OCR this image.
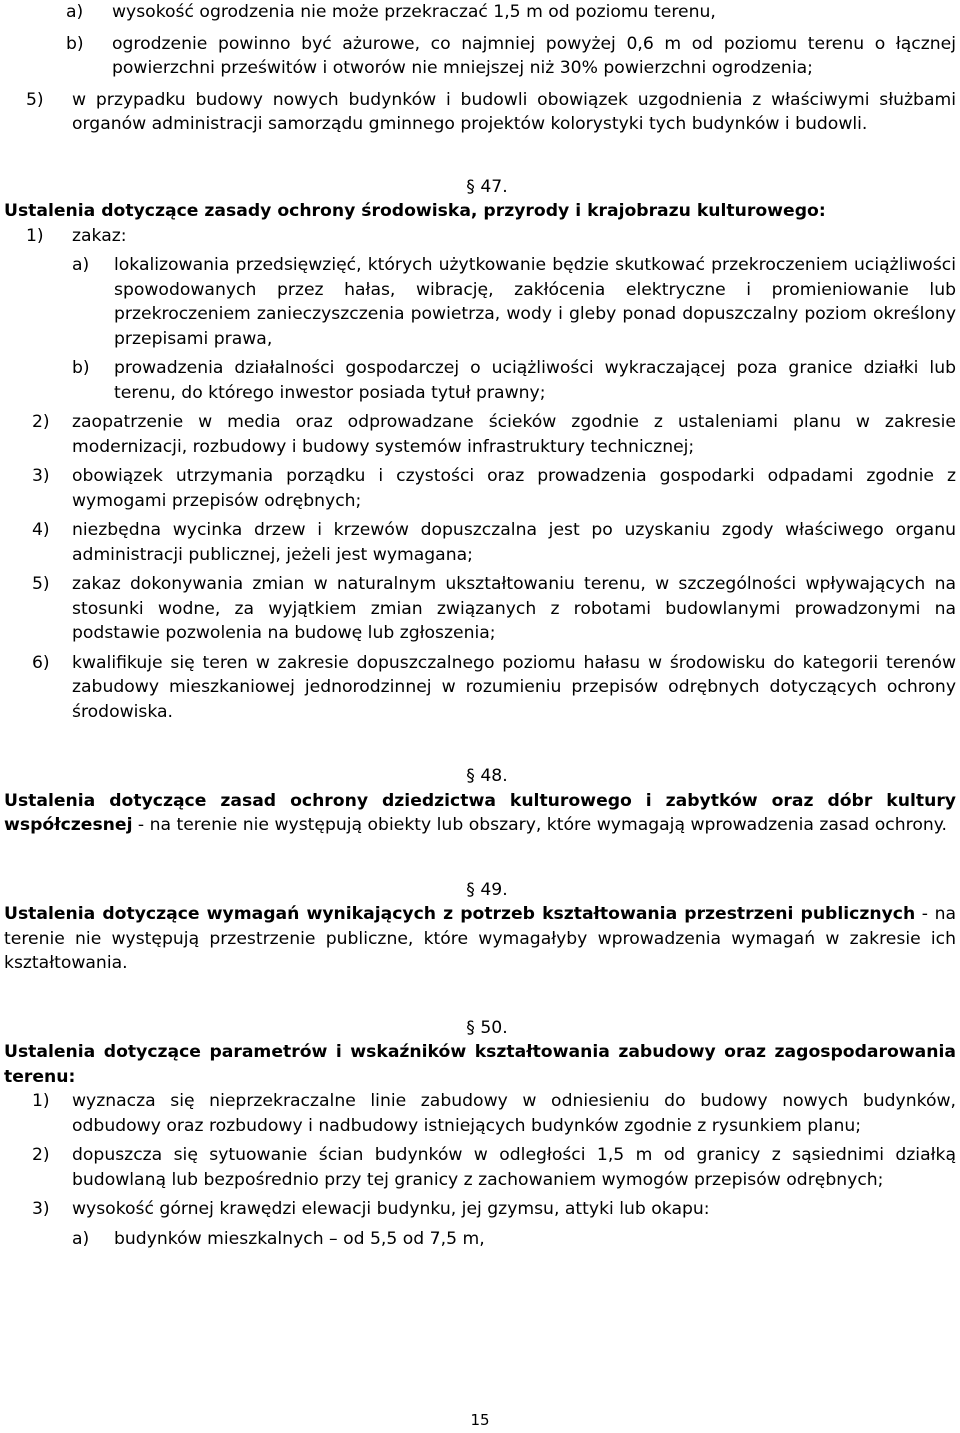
a)	wysokość ogrodzenia nie może przekraczać 1,5 m od poziomu terenu,
b)	ogrodzenie powinno być ażurowe, co najmniej powyżej 0,6 m od poziomu terenu o łącznej powierzchni prześwitów i otworów nie mniejszej niż 30% powierzchni ogrodzenia;
5)	w przypadku budowy nowych budynków i budowli obowiązek uzgodnienia z właściwymi służbami organów administracji samorządu gminnego projektów kolorystyki tych budynków i budowli.
§ 47.
Ustalenia dotyczące zasady ochrony środowiska, przyrody i krajobrazu kulturowego:
1)	zakaz:
a)	lokalizowania przedsięwzięć, których użytkowanie będzie skutkować przekroczeniem uciążliwości spowodowanych przez hałas, wibrację, zakłócenia elektryczne i promieniowanie lub przekroczeniem zanieczyszczenia powietrza, wody i gleby ponad dopuszczalny poziom określony przepisami prawa,
b)	prowadzenia działalności gospodarczej o uciążliwości wykraczającej poza granice działki lub terenu, do którego inwestor posiada tytuł prawny;
2)	zaopatrzenie w media oraz odprowadzane ścieków zgodnie z ustaleniami planu w zakresie modernizacji, rozbudowy i budowy systemów infrastruktury technicznej;
3)	obowiązek utrzymania porządku i czystości oraz prowadzenia gospodarki odpadami zgodnie z wymogami przepisów odrębnych;
4)	niezbędna wycinka drzew i krzewów dopuszczalna jest po uzyskaniu zgody właściwego organu administracji publicznej, jeżeli jest wymagana;
5)	zakaz dokonywania zmian w naturalnym ukształtowaniu terenu, w szczególności wpływających na stosunki wodne, za wyjątkiem zmian związanych z robotami budowlanymi prowadzonymi na podstawie pozwolenia na budowę lub zgłoszenia;
6)	kwalifikuje się teren w zakresie dopuszczalnego poziomu hałasu w środowisku do kategorii terenów zabudowy mieszkaniowej jednorodzinnej w rozumieniu przepisów odrębnych dotyczących ochrony środowiska.
§ 48.
Ustalenia dotyczące zasad ochrony dziedzictwa kulturowego i zabytków oraz dóbr kultury współczesnej - na terenie nie występują obiekty lub obszary, które wymagają wprowadzenia zasad ochrony.
§ 49.
Ustalenia dotyczące wymagań wynikających z potrzeb kształtowania przestrzeni publicznych - na terenie nie występują przestrzenie publiczne, które wymagałyby wprowadzenia wymagań w zakresie ich kształtowania.
§ 50.
Ustalenia dotyczące parametrów i wskaźników kształtowania zabudowy oraz zagospodarowania terenu:
1)	wyznacza się nieprzekraczalne linie zabudowy w odniesieniu do budowy nowych budynków, odbudowy oraz rozbudowy i nadbudowy istniejących budynków zgodnie z rysunkiem planu;
2)	dopuszcza się sytuowanie ścian budynków w odległości 1,5 m od granicy z sąsiednimi działką budowlaną lub bezpośrednio przy tej granicy z zachowaniem wymogów przepisów odrębnych;
3)	wysokość górnej krawędzi elewacji budynku, jej gzymsu, attyki lub okapu:
a)	budynków mieszkalnych – od 5,5 od 7,5 m,
15
